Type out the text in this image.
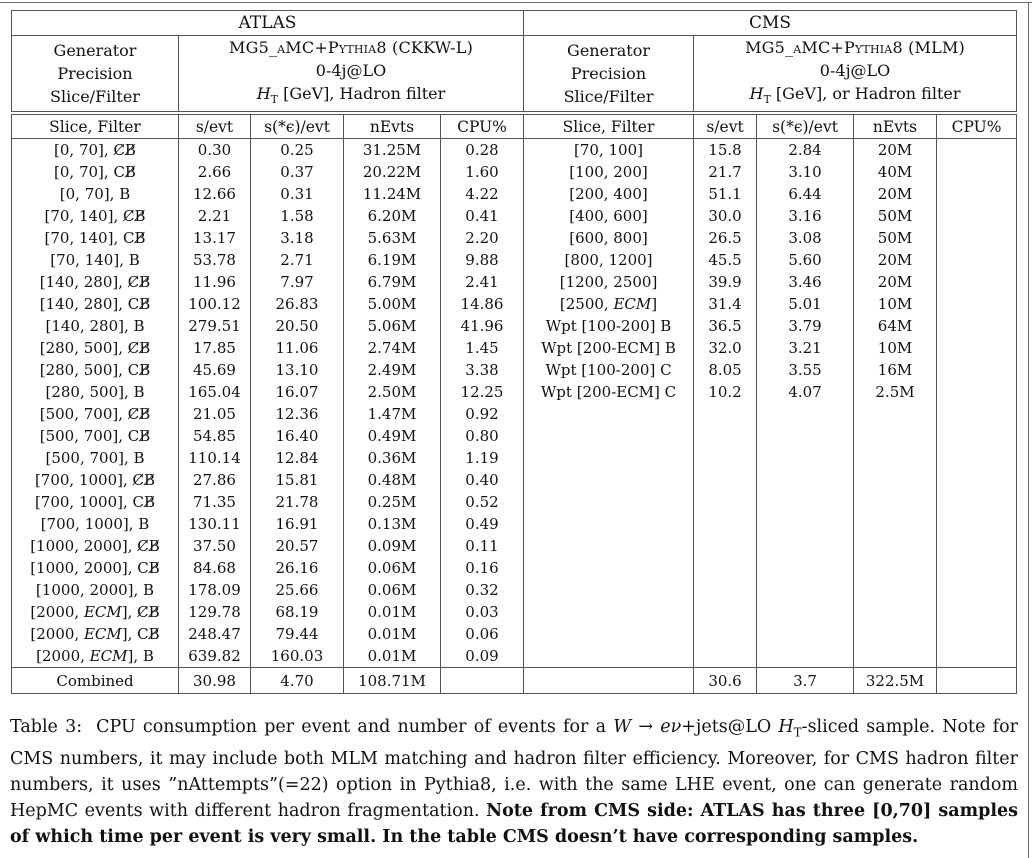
ATLAS					CMS				

Generator
Precision
Slice/Filter

MG5_aMC+Pythia8 (CKKW-L)
0-4j@LO
$H_T$ [GeV], Hadron filter

Generator
Precision
Slice/Filter

MG5_aMC+Pythia8 (MLM)
0-4j@LO
$H_T$ [GeV], or Hadron filter

Slice, Filter	s/evt	s(*ϵ)/evt	nEvts	CPU%	Slice, Filter	s/evt	s(*ϵ)/evt	nEvts	CPU%
[0, 70], C̸B̸	0.30	0.25	31.25M	0.28	[70, 100]	15.8	2.84	20M	
[0, 70], CB̸	2.66	0.37	20.22M	1.60	[100, 200]	21.7	3.10	40M	
[0, 70], B	12.66	0.31	11.24M	4.22	[200, 400]	51.1	6.44	20M	
[70, 140], C̸B̸	2.21	1.58	6.20M	0.41	[400, 600]	30.0	3.16	50M	
[70, 140], CB̸	13.17	3.18	5.63M	2.20	[600, 800]	26.5	3.08	50M	
[70, 140], B	53.78	2.71	6.19M	9.88	[800, 1200]	45.5	5.60	20M	
[140, 280], C̸B̸	11.96	7.97	6.79M	2.41	[1200, 2500]	39.9	3.46	20M	
[140, 280], CB̸	100.12	26.83	5.00M	14.86	[2500, ECM]	31.4	5.01	10M	
[140, 280], B	279.51	20.50	5.06M	41.96	Wpt [100-200] B	36.5	3.79	64M	
[280, 500], C̸B̸	17.85	11.06	2.74M	1.45	Wpt [200-ECM] B	32.0	3.21	10M	
[280, 500], CB̸	45.69	13.10	2.49M	3.38	Wpt [100-200] C	8.05	3.55	16M	
[280, 500], B	165.04	16.07	2.50M	12.25	Wpt [200-ECM] C	10.2	4.07	2.5M	
[500, 700], C̸B̸	21.05	12.36	1.47M	0.92					
[500, 700], CB̸	54.85	16.40	0.49M	0.80					
[500, 700], B	110.14	12.84	0.36M	1.19					
[700, 1000], C̸B̸	27.86	15.81	0.48M	0.40					
[700, 1000], CB̸	71.35	21.78	0.25M	0.52					
[700, 1000], B	130.11	16.91	0.13M	0.49					
[1000, 2000], C̸B̸	37.50	20.57	0.09M	0.11					
[1000, 2000], CB̸	84.68	26.16	0.06M	0.16					
[1000, 2000], B	178.09	25.66	0.06M	0.32					
[2000, ECM], C̸B̸	129.78	68.19	0.01M	0.03					
[2000, ECM], CB̸	248.47	79.44	0.01M	0.06					
[2000, ECM], B	639.82	160.03	0.01M	0.09					
Combined	30.98	4.70	108.71M			30.6	3.7	322.5M	
Table 3: CPU consumption per event and number of events for a W → eν+jets@LO $H_T$-sliced sample. Note for CMS numbers, it may include both MLM matching and hadron filter efficiency. Moreover, for CMS hadron filter numbers, it uses ”nAttempts”(=22) option in Pythia8, i.e. with the same LHE event, one can generate random HepMC events with different hadron fragmentation. Note from CMS side: ATLAS has three [0,70] samples of which time per event is very small. In the table CMS doesn’t have corresponding samples.
